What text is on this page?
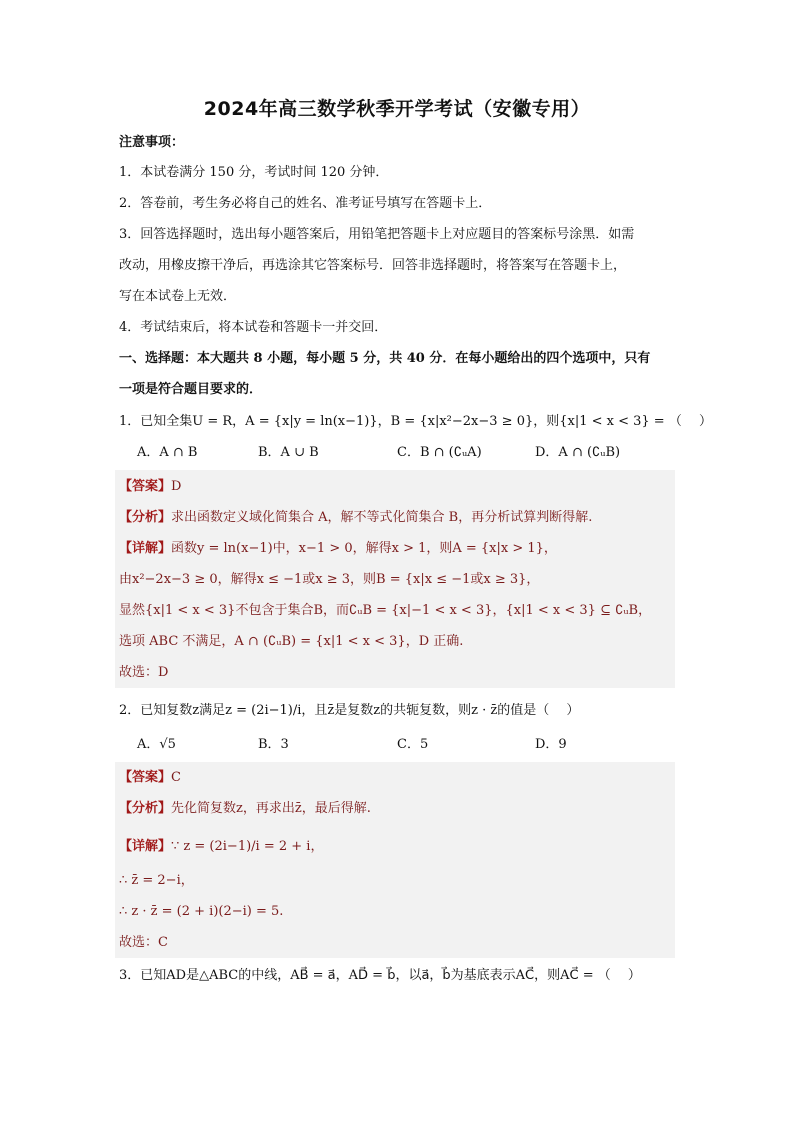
2024年高三数学秋季开学考试（安徽专用）
注意事项：
1．本试卷满分 150 分，考试时间 120 分钟．
2．答卷前，考生务必将自己的姓名、准考证号填写在答题卡上．
3．回答选择题时，选出每小题答案后，用铅笔把答题卡上对应题目的答案标号涂黑．如需
改动，用橡皮擦干净后，再选涂其它答案标号．回答非选择题时，将答案写在答题卡上，
写在本试卷上无效．
4．考试结束后，将本试卷和答题卡一并交回．
一、选择题：本大题共 8 小题，每小题 5 分，共 40 分．在每小题给出的四个选项中，只有
一项是符合题目要求的．
1．已知全集U = R，A = {x|y = ln(x−1)}，B = {x|x²−2x−3 ≥ 0}，则{x|1 < x < 3} = （　 ）
A．A ∩ B	B．A ∪ B	C．B ∩ (∁ᵤA)	D．A ∩ (∁ᵤB)
【答案】D
【分析】求出函数定义域化简集合 A，解不等式化简集合 B，再分析试算判断得解.
【详解】函数y = ln(x−1)中，x−1 > 0，解得x > 1，则A = {x|x > 1}，
由x²−2x−3 ≥ 0，解得x ≤ −1或x ≥ 3，则B = {x|x ≤ −1或x ≥ 3}，
显然{x|1 < x < 3}不包含于集合B，而∁ᵤB = {x|−1 < x < 3}，{x|1 < x < 3} ⊆ ∁ᵤB，
选项 ABC 不满足，A ∩ (∁ᵤB) = {x|1 < x < 3}，D 正确.
故选：D
2．已知复数z满足z = (2i−1)/i，且z̄是复数z的共轭复数，则z · z̄的值是（　 ）
A．√5	B．3	C．5	D．9
【答案】C
【分析】先化简复数z，再求出z̄，最后得解.
【详解】∵ z = (2i−1)/i = 2 + i，
∴ z̄ = 2−i，
∴ z · z̄ = (2 + i)(2−i) = 5.
故选：C
3．已知AD是△ABC的中线，AB⃗ = a⃗，AD⃗ = b⃗，以a⃗，b⃗为基底表示AC⃗，则AC⃗ = （　 ）
